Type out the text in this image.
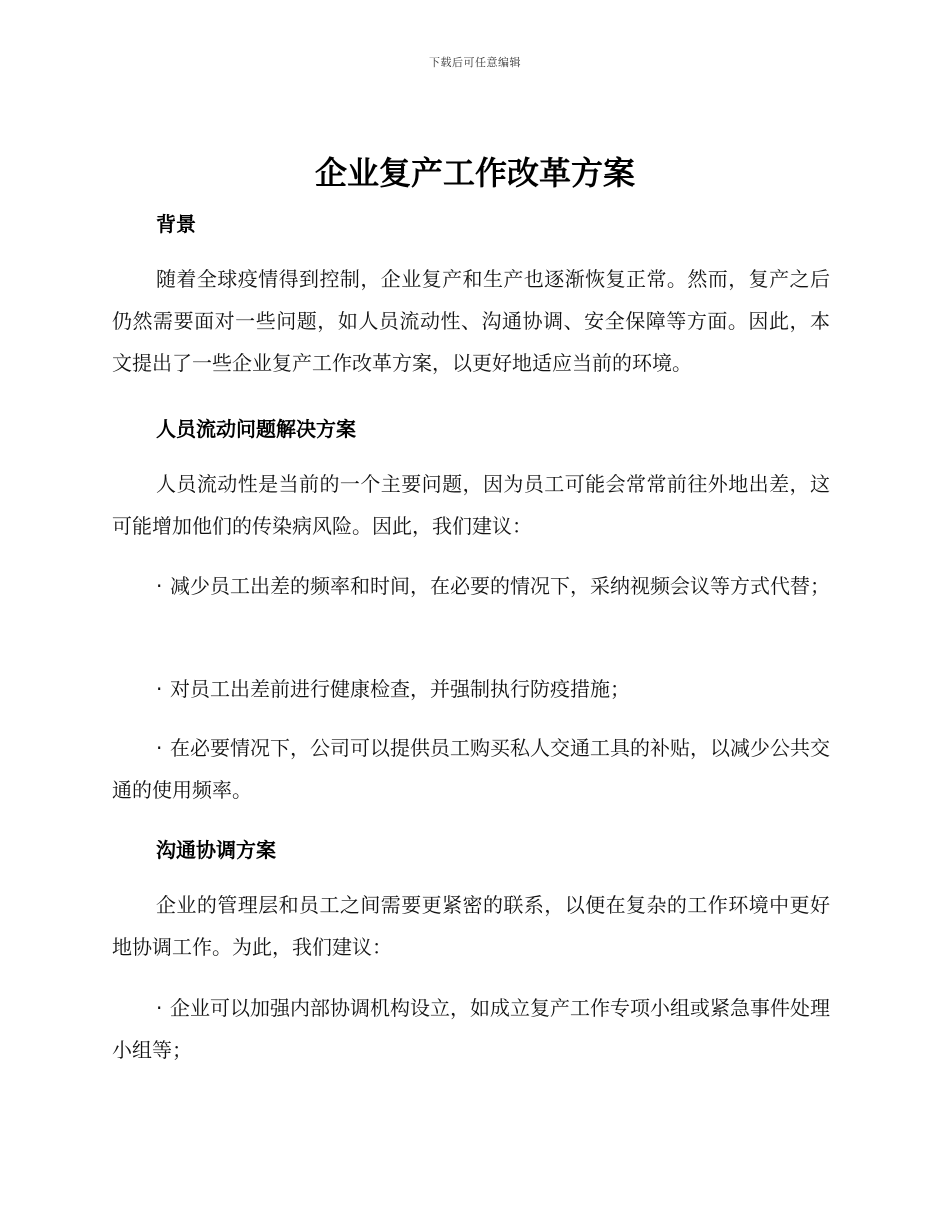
下载后可任意编辑
企业复产工作改革方案
背景

随着全球疫情得到控制，企业复产和生产也逐渐恢复正常。然而，复产之后仍然需要面对一些问题，如人员流动性、沟通协调、安全保障等方面。因此，本文提出了一些企业复产工作改革方案，以更好地适应当前的环境。

人员流动问题解决方案

人员流动性是当前的一个主要问题，因为员工可能会常常前往外地出差，这可能增加他们的传染病风险。因此，我们建议：

· 减少员工出差的频率和时间，在必要的情况下，采纳视频会议等方式代替；

· 对员工出差前进行健康检查，并强制执行防疫措施；

· 在必要情况下，公司可以提供员工购买私人交通工具的补贴，以减少公共交通的使用频率。

沟通协调方案

企业的管理层和员工之间需要更紧密的联系，以便在复杂的工作环境中更好地协调工作。为此，我们建议：

· 企业可以加强内部协调机构设立，如成立复产工作专项小组或紧急事件处理小组等；
